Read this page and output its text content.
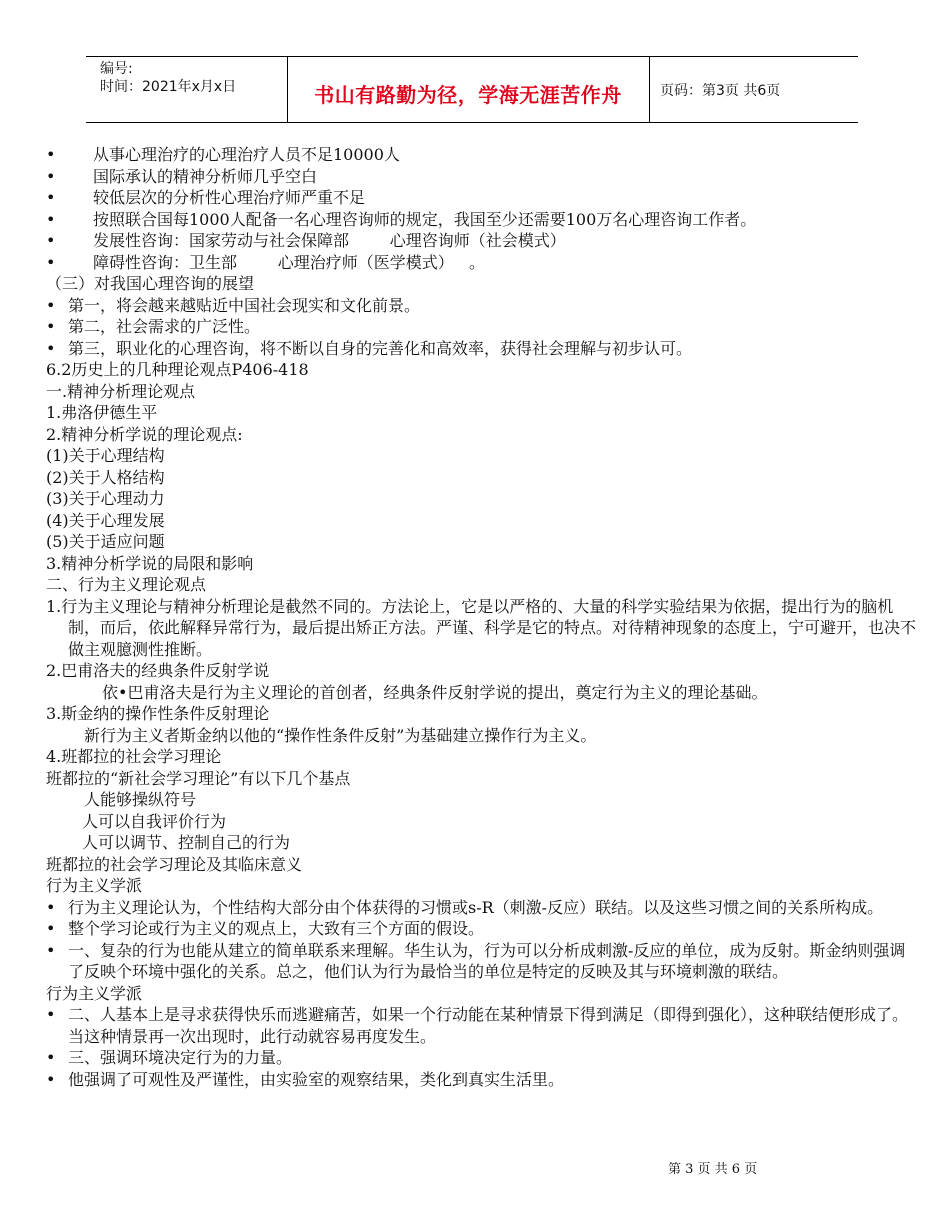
编号:
时间：2021年x月x日	书山有路勤为径，学海无涯苦作舟	页码：第3页 共6页
•	从事心理治疗的心理治疗人员不足10000人
•	国际承认的精神分析师几乎空白
•	较低层次的分析性心理治疗师严重不足
•	按照联合国每1000人配备一名心理咨询师的规定，我国至少还需要100万名心理咨询工作者。
•	发展性咨询：国家劳动与社会保障部        心理咨询师（社会模式）
•	障碍性咨询：卫生部        心理治疗师（医学模式）   。
（三）对我国心理咨询的展望
• 第一，将会越来越贴近中国社会现实和文化前景。
• 第二，社会需求的广泛性。
• 第三，职业化的心理咨询，将不断以自身的完善化和高效率，获得社会理解与初步认可。
6.2历史上的几种理论观点P406-418
一.精神分析理论观点
1.弗洛伊德生平
2.精神分析学说的理论观点:
(1)关于心理结构
(2)关于人格结构
(3)关于心理动力
(4)关于心理发展
(5)关于适应问题
3.精神分析学说的局限和影响
二、行为主义理论观点
1.行为主义理论与精神分析理论是截然不同的。方法论上，它是以严格的、大量的科学实验结果为依据，提出行为的脑机制，而后，依此解释异常行为，最后提出矫正方法。严谨、科学是它的特点。对待精神现象的态度上，宁可避开，也决不做主观臆测性推断。
2.巴甫洛夫的经典条件反射学说
依•巴甫洛夫是行为主义理论的首创者，经典条件反射学说的提出，奠定行为主义的理论基础。
3.斯金纳的操作性条件反射理论
新行为主义者斯金纳以他的“操作性条件反射”为基础建立操作行为主义。
4.班都拉的社会学习理论
班都拉的“新社会学习理论”有以下几个基点
人能够操纵符号
人可以自我评价行为
人可以调节、控制自己的行为
班都拉的社会学习理论及其临床意义
行为主义学派
• 行为主义理论认为，个性结构大部分由个体获得的习惯或s-R（刺激-反应）联结。以及这些习惯之间的关系所构成。
• 整个学习论或行为主义的观点上，大致有三个方面的假设。
• 一、复杂的行为也能从建立的简单联系来理解。华生认为，行为可以分析成刺激-反应的单位，成为反射。斯金纳则强调了反映个环境中强化的关系。总之，他们认为行为最恰当的单位是特定的反映及其与环境刺激的联结。
行为主义学派
• 二、人基本上是寻求获得快乐而逃避痛苦，如果一个行动能在某种情景下得到满足（即得到强化），这种联结便形成了。当这种情景再一次出现时，此行动就容易再度发生。
• 三、强调环境决定行为的力量。
• 他强调了可观性及严谨性，由实验室的观察结果，类化到真实生活里。
第 3 页 共 6 页
